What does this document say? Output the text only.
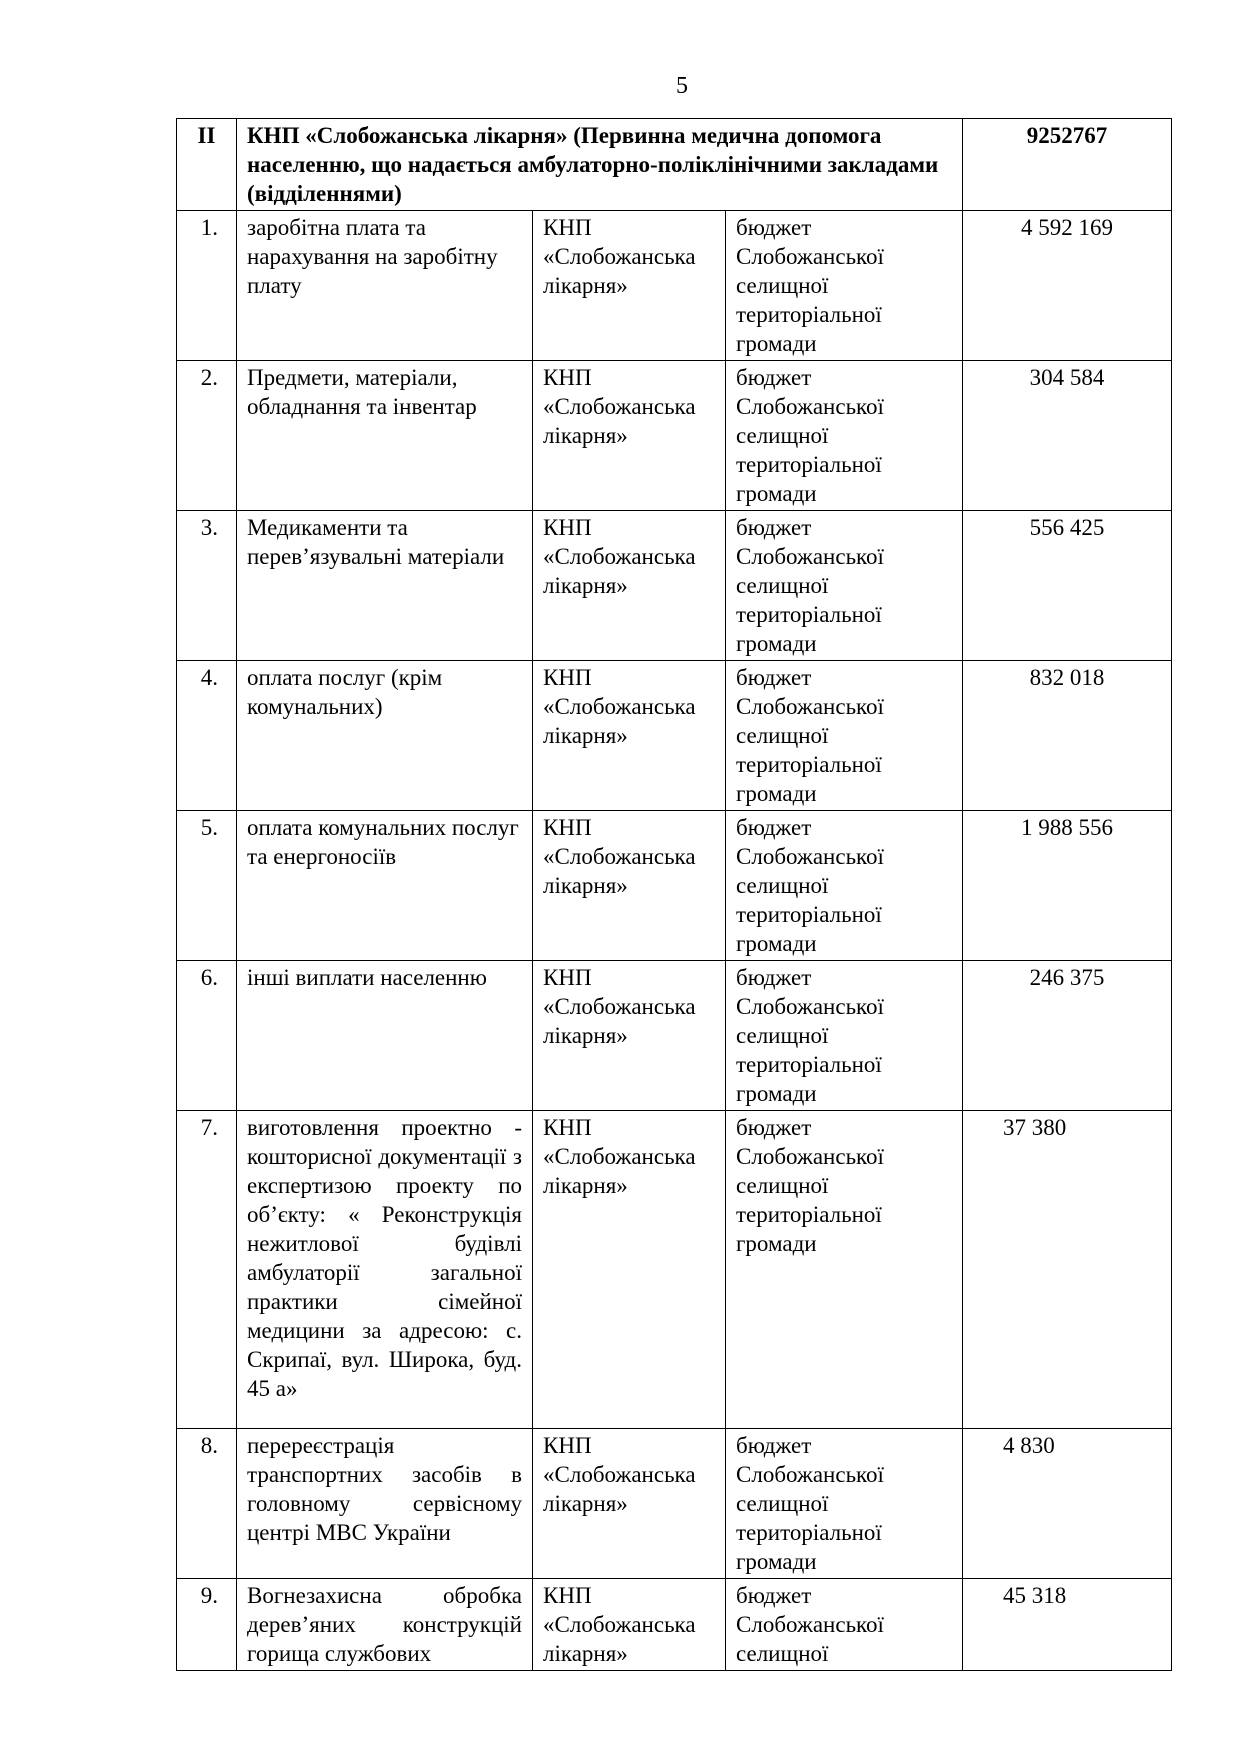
5
II	КНП «Слобожанська лікарня» (Первинна медична допомога населенню, що надається амбулаторно-поліклінічними закладами (відділеннями)			9252767
1.	заробітна плата та нарахування на заробітну плату	КНП «Слобожанська лікарня»	бюджет Слобожанської селищної територіальної громади	4 592 169
2.	Предмети, матеріали, обладнання та інвентар	КНП «Слобожанська лікарня»	бюджет Слобожанської селищної територіальної громади	304 584
3.	Медикаменти та перев’язувальні матеріали	КНП «Слобожанська лікарня»	бюджет Слобожанської селищної територіальної громади	556 425
4.	оплата послуг (крім комунальних)	КНП «Слобожанська лікарня»	бюджет Слобожанської селищної територіальної громади	832 018
5.	оплата комунальних послуг та енергоносіїв	КНП «Слобожанська лікарня»	бюджет Слобожанської селищної територіальної громади	1 988 556
6.	інші виплати населенню	КНП «Слобожанська лікарня»	бюджет Слобожанської селищної територіальної громади	246 375
7.	виготовлення проектно - кошторисної документації з експертизою проекту по об’єкту: « Реконструкція нежитлової будівлі амбулаторії загальної практики сімейної медицини за адресою: с. Скрипаї, вул. Широка, буд. 45 а»	КНП «Слобожанська лікарня»	бюджет Слобожанської селищної територіальної громади	37 380
8.	перереєстрація транспортних засобів в головному сервісному центрі МВС України	КНП «Слобожанська лікарня»	бюджет Слобожанської селищної територіальної громади	4 830
9.	Вогнезахисна обробка дерев’яних конструкцій горища службових	КНП «Слобожанська лікарня»	бюджет Слобожанської селищної	45 318
